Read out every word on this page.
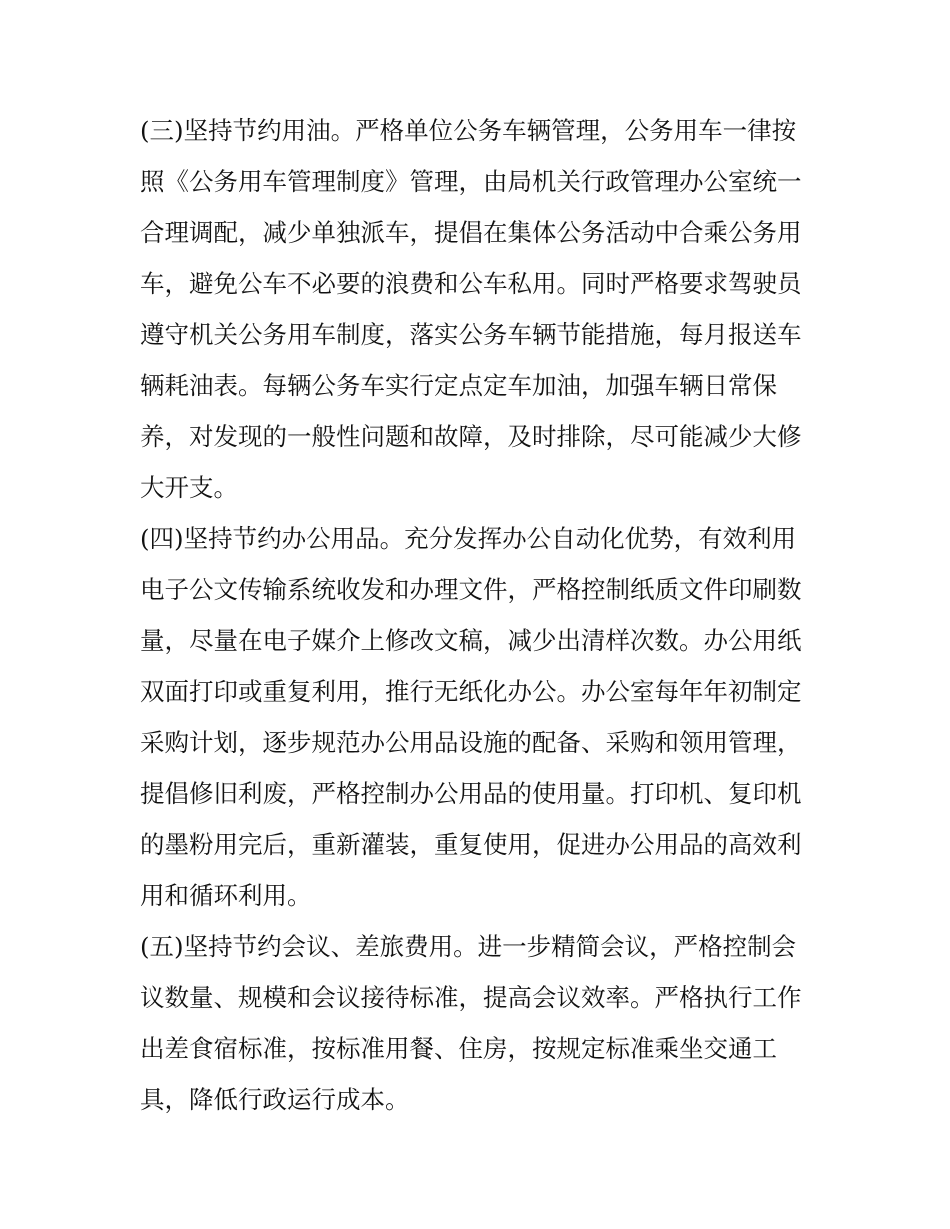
(三)坚持节约用油。严格单位公务车辆管理，公务用车一律按
照《公务用车管理制度》管理，由局机关行政管理办公室统一
合理调配，减少单独派车，提倡在集体公务活动中合乘公务用
车，避免公车不必要的浪费和公车私用。同时严格要求驾驶员
遵守机关公务用车制度，落实公务车辆节能措施，每月报送车
辆耗油表。每辆公务车实行定点定车加油，加强车辆日常保
养，对发现的一般性问题和故障，及时排除，尽可能减少大修
大开支。
(四)坚持节约办公用品。充分发挥办公自动化优势，有效利用
电子公文传输系统收发和办理文件，严格控制纸质文件印刷数
量，尽量在电子媒介上修改文稿，减少出清样次数。办公用纸
双面打印或重复利用，推行无纸化办公。办公室每年年初制定
采购计划，逐步规范办公用品设施的配备、采购和领用管理，
提倡修旧利废，严格控制办公用品的使用量。打印机、复印机
的墨粉用完后，重新灌装，重复使用，促进办公用品的高效利
用和循环利用。
(五)坚持节约会议、差旅费用。进一步精简会议，严格控制会
议数量、规模和会议接待标准，提高会议效率。严格执行工作
出差食宿标准，按标准用餐、住房，按规定标准乘坐交通工
具，降低行政运行成本。
